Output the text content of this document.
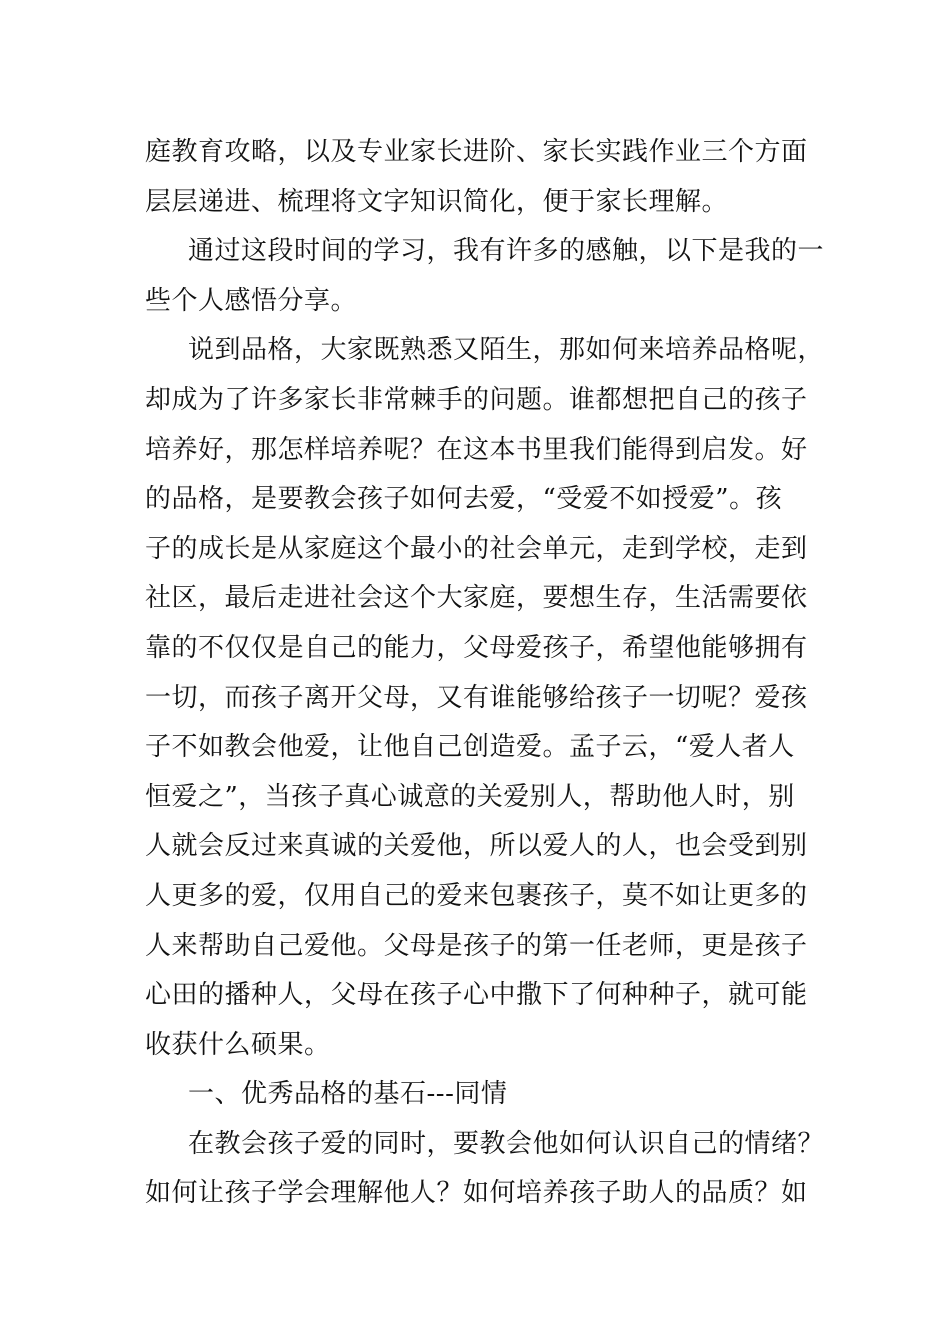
庭教育攻略，以及专业家长进阶、家长实践作业三个方面
层层递进、梳理将文字知识简化，便于家长理解。
通过这段时间的学习，我有许多的感触，以下是我的一
些个人感悟分享。
说到品格，大家既熟悉又陌生，那如何来培养品格呢，
却成为了许多家长非常棘手的问题。谁都想把自己的孩子
培养好，那怎样培养呢？在这本书里我们能得到启发。好
的品格，是要教会孩子如何去爱，“受爱不如授爱”。孩
子的成长是从家庭这个最小的社会单元，走到学校，走到
社区，最后走进社会这个大家庭，要想生存，生活需要依
靠的不仅仅是自己的能力，父母爱孩子，希望他能够拥有
一切，而孩子离开父母，又有谁能够给孩子一切呢？爱孩
子不如教会他爱，让他自己创造爱。孟子云，“爱人者人
恒爱之”，当孩子真心诚意的关爱别人，帮助他人时，别
人就会反过来真诚的关爱他，所以爱人的人，也会受到别
人更多的爱，仅用自己的爱来包裹孩子，莫不如让更多的
人来帮助自己爱他。父母是孩子的第一任老师，更是孩子
心田的播种人，父母在孩子心中撒下了何种种子，就可能
收获什么硕果。
一、优秀品格的基石---同情
在教会孩子爱的同时，要教会他如何认识自己的情绪？
如何让孩子学会理解他人？如何培养孩子助人的品质？如
